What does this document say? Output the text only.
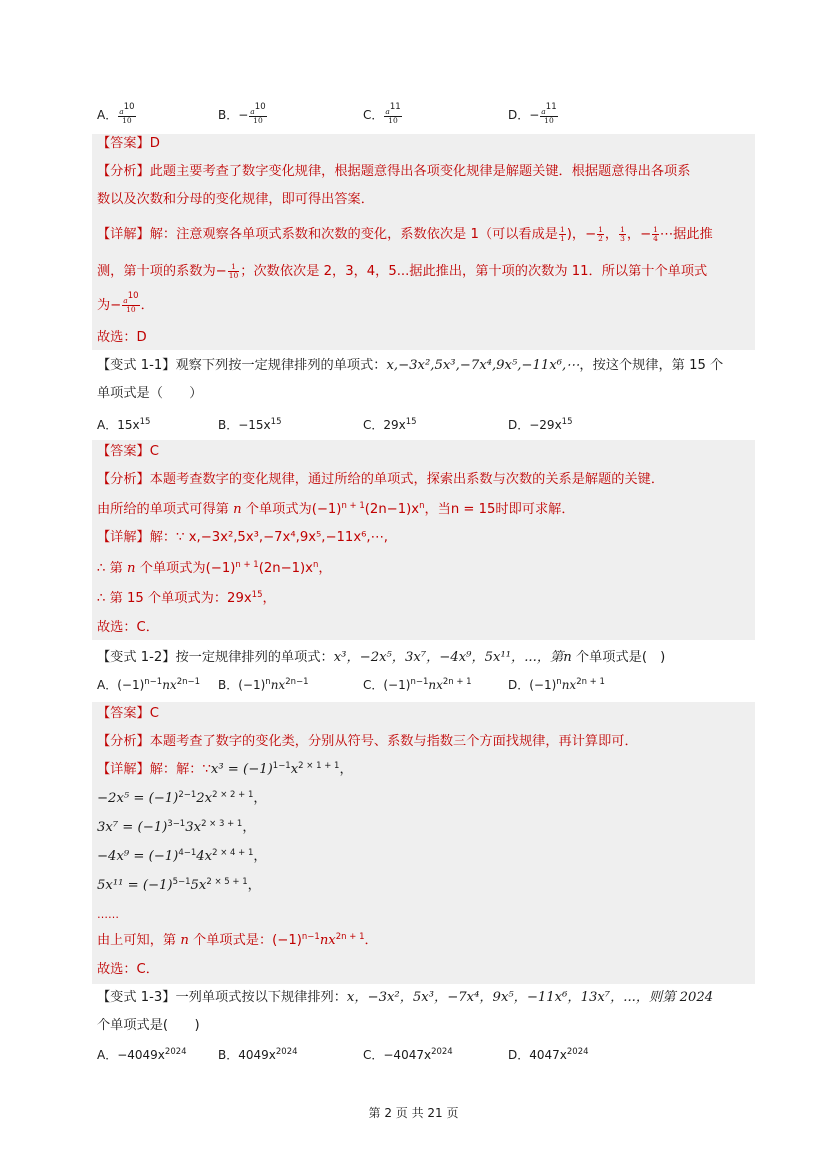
A． $\frac{a^{10}}{10}$	B．− $\frac{a^{10}}{10}$	C． $\frac{a^{11}}{10}$	D．− $\frac{a^{11}}{10}$
【答案】D
【分析】此题主要考查了数字变化规律，根据题意得出各项变化规律是解题关键．根据题意得出各项系
数以及次数和分母的变化规律，即可得出答案．
【详解】解：注意观察各单项式系数和次数的变化，系数依次是 1（可以看成是 $\frac{1}{1}$ )，− $\frac{1}{2}$ ， $\frac{1}{3}$ ，− $\frac{1}{4}$ ⋯据此推
测，第十项的系数为− $\frac{1}{10}$ ；次数依次是 2，3，4，5...据此推出，第十项的次数为 11．所以第十个单项式
为− $\frac{a^{10}}{10}$ ．
故选：D
【变式 1-1】观察下列按一定规律排列的单项式：x,−3x²,5x³,−7x⁴,9x⁵,−11x⁶,⋯，按这个规律，第 15 个
单项式是（　　）
A．$15x^{15}$	B．$-15x^{15}$	C．$29x^{15}$	D．$-29x^{15}$
【答案】C
【分析】本题考查数字的变化规律，通过所给的单项式，探索出系数与次数的关系是解题的关键．
由所给的单项式可得第 n 个单项式为$(-1)^{n + 1}(2n-1)x^n$，当n = 15时即可求解．
【详解】解：∵ x,−3x²,5x³,−7x⁴,9x⁵,−11x⁶,⋯,
∴ 第 n 个单项式为$(-1)^{n + 1}(2n-1)x^n$，
∴ 第 15 个单项式为：$29x^{15}$，
故选：C．
【变式 1-2】按一定规律排列的单项式：x³，−2x⁵，3x⁷，−4x⁹，5x¹¹，...，第n 个单项式是(　)
A．$(-1)^{n-1}nx^{2n-1}$ B．$(-1)^nnx^{2n-1}$	C．$(-1)^{n-1}nx^{2n + 1}$	D．$(-1)^nnx^{2n + 1}$
【答案】C
【分析】本题考查了数字的变化类，分别从符号、系数与指数三个方面找规律，再计算即可．
【详解】解：解：∵x³ = $(-1)^{1-1}x^{2 \times 1 + 1}$，
$-2x^5 = (-1)^{2-1}2x^{2 \times 2 + 1}$，
$3x^7 = (-1)^{3-1}3x^{2 \times 3 + 1}$，
$-4x^9 = (-1)^{4-1}4x^{2 \times 4 + 1}$，
$5x^{11} = (-1)^{5-1}5x^{2 \times 5 + 1}$，
……
由上可知，第 n 个单项式是：$(-1)^{n-1}nx^{2n + 1}$．
故选：C．
【变式 1-3】一列单项式按以下规律排列：x，−3x²，5x³，−7x⁴，9x⁵，−11x⁶，13x⁷，...，则第 2024
个单项式是(　　)
A．$-4049x^{2024}$	B．$4049x^{2024}$	C．$-4047x^{2024}$	D．$4047x^{2024}$
第 2 页 共 21 页
